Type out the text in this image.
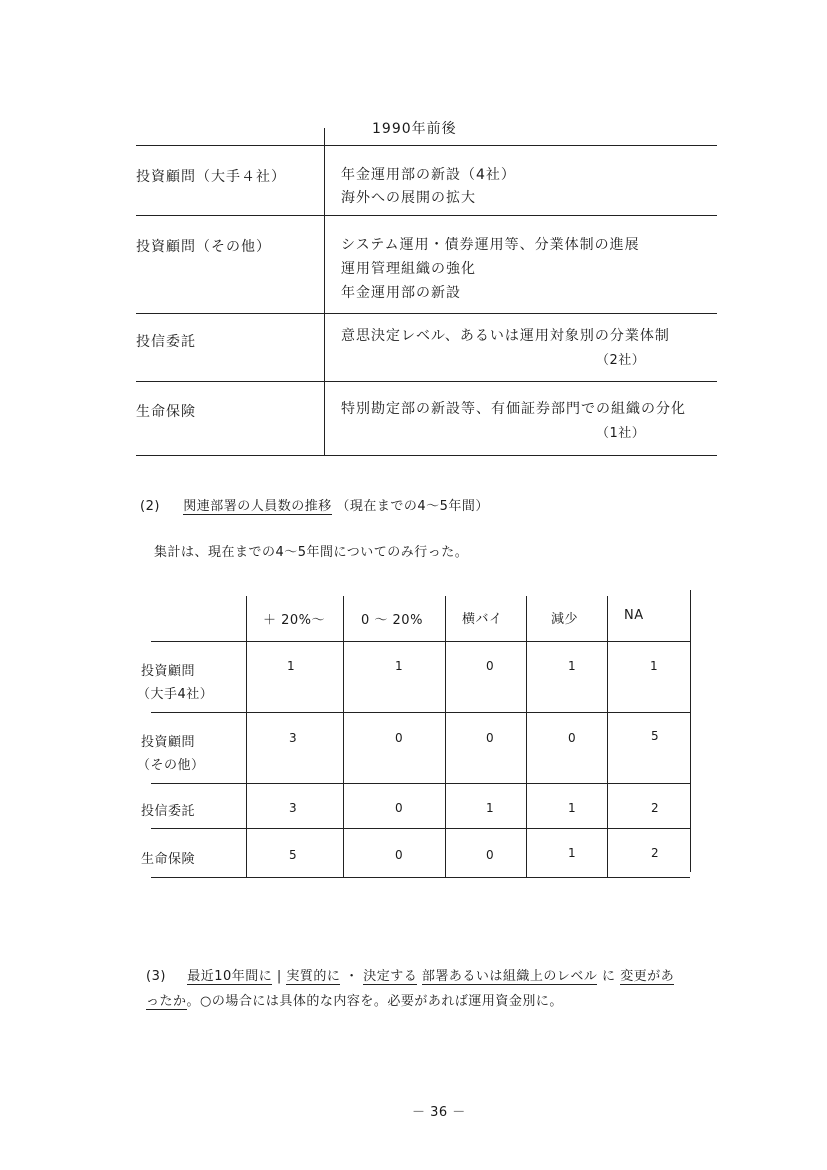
1990年前後
投資顧問（大手４社）	年金運用部の新設（4社）
海外への展開の拡大
投資顧問（その他）	システム運用・債券運用等、分業体制の進展
運用管理組織の強化
年金運用部の新設
投信委託	意思決定レベル、あるいは運用対象別の分業体制
（2社）
生命保険	特別勘定部の新設等、有価証券部門での組織の分化
（1社）
(2) 関連部署の人員数の推移 （現在までの4〜5年間）
集計は、現在までの4〜5年間についてのみ行った。
＋ 20%〜	0 〜 20%	横バイ	減少	NA
投資顧問
（大手4社）
1	1	0	1	1
投資顧問
（その他）
3	0	0	0	5
投信委託	3	0	1	1	2
生命保険	5	0	0	1	2
(3) 最近10年間に | 実質的に ・ 決定する 部署あるいは組織上のレベル に 変更があ
ったか。○の場合には具体的な内容を。必要があれば運用資金別に。
－ 36 －
